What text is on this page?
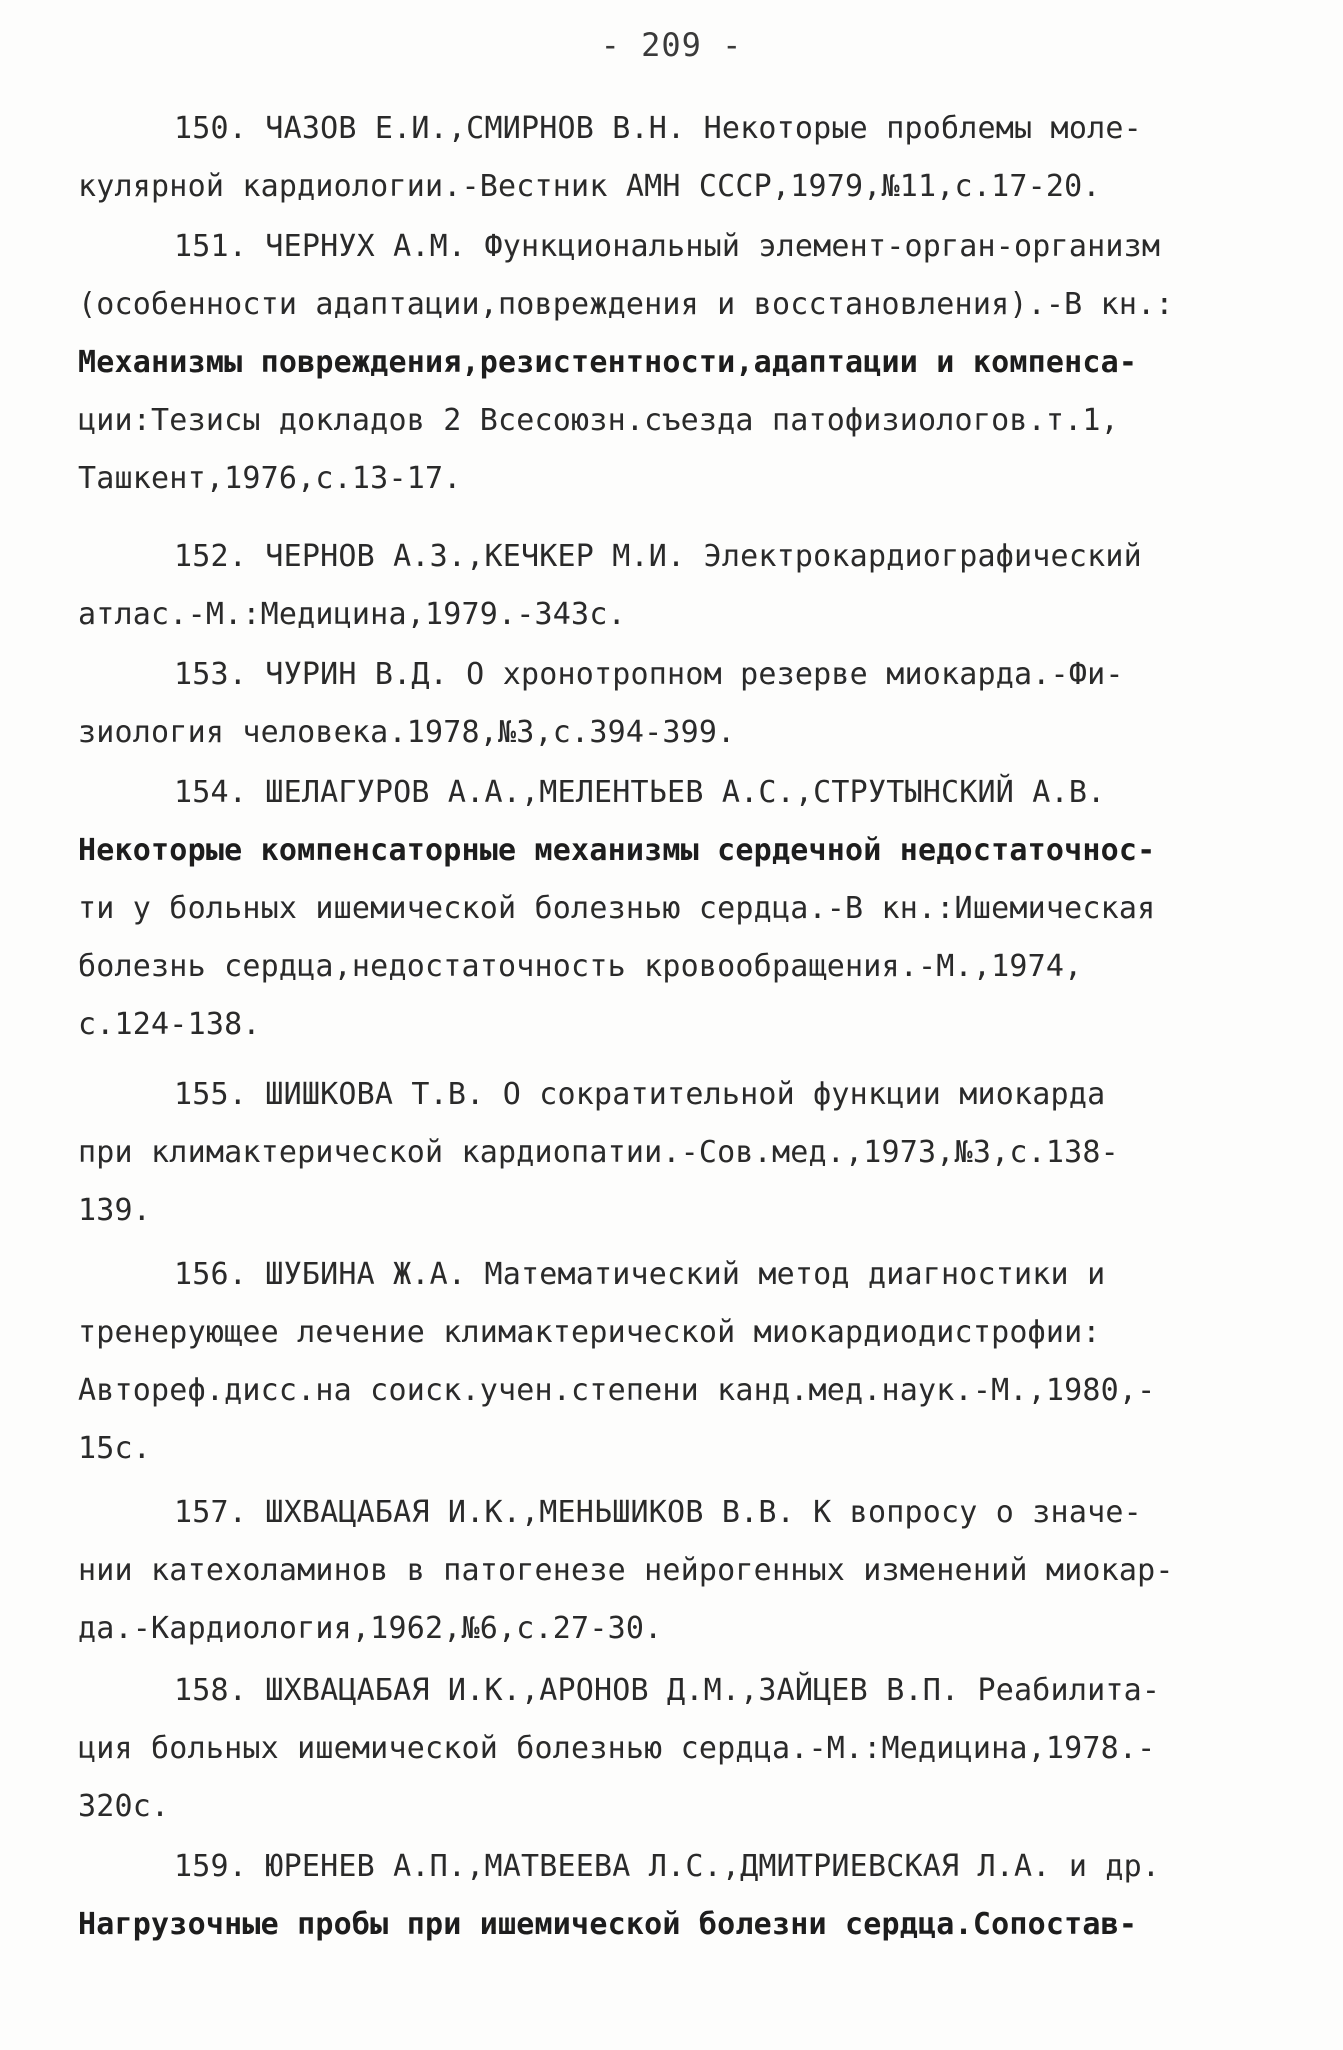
- 209 -
150. ЧАЗОВ Е.И.,СМИРНОВ В.Н. Некоторые проблемы моле-
кулярной кардиологии.-Вестник АМН СССР,1979,№11,с.17-20.
151. ЧЕРНУХ А.М. Функциональный элемент-орган-организм
(особенности адаптации,повреждения и восстановления).-В кн.:
Механизмы повреждения,резистентности,адаптации и компенса-
ции:Тезисы докладов 2 Всесоюзн.съезда патофизиологов.т.1,
Ташкент,1976,с.13-17.
152. ЧЕРНОВ А.З.,КЕЧКЕР М.И. Электрокардиографический
атлас.-М.:Медицина,1979.-343с.
153. ЧУРИН В.Д. О хронотропном резерве миокарда.-Фи-
зиология человека.1978,№3,с.394-399.
154. ШЕЛАГУРОВ А.А.,МЕЛЕНТЬЕВ А.С.,СТРУТЫНСКИЙ А.В.
Некоторые компенсаторные механизмы сердечной недостаточнос-
ти у больных ишемической болезнью сердца.-В кн.:Ишемическая
болезнь сердца,недостаточность кровообращения.-М.,1974,
с.124-138.
155. ШИШКОВА Т.В. О сократительной функции миокарда
при климактерической кардиопатии.-Сов.мед.,1973,№3,с.138-
139.
156. ШУБИНА Ж.А. Математический метод диагностики и
тренерующее лечение климактерической миокардиодистрофии:
Автореф.дисс.на соиск.учен.степени канд.мед.наук.-М.,1980,-
15с.
157. ШХВАЦАБАЯ И.К.,МЕНЬШИКОВ В.В. К вопросу о значе-
нии катехоламинов в патогенезе нейрогенных изменений миокар-
да.-Кардиология,1962,№6,с.27-30.
158. ШХВАЦАБАЯ И.К.,АРОНОВ Д.М.,ЗАЙЦЕВ В.П. Реабилита-
ция больных ишемической болезнью сердца.-М.:Медицина,1978.-
320с.
159. ЮРЕНЕВ А.П.,МАТВЕЕВА Л.С.,ДМИТРИЕВСКАЯ Л.А. и др.
Нагрузочные пробы при ишемической болезни сердца.Сопостав-
